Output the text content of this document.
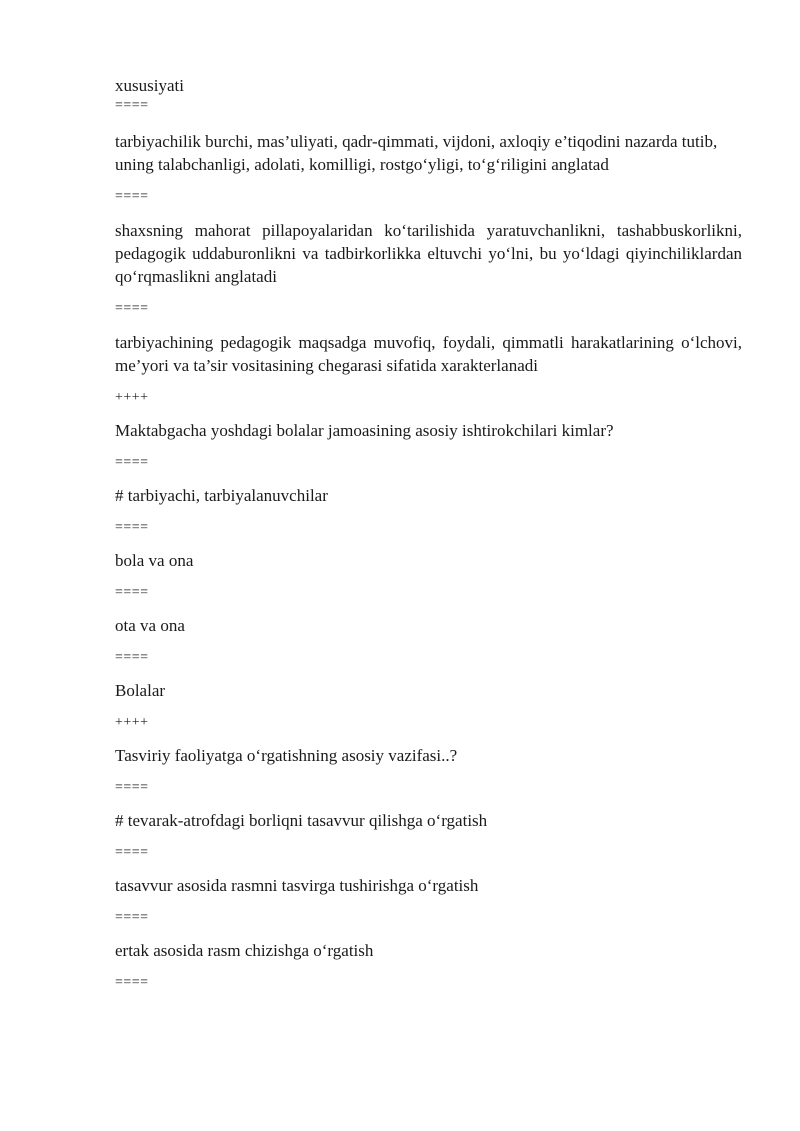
xususiyati
====
tarbiyachilik burchi, mas’uliyati, qadr-qimmati, vijdoni, axloqiy e’tiqodini nazarda tutib, uning talabchanligi, adolati, komilligi, rostgo‘yligi, to‘g‘riligini anglatad
====
shaxsning mahorat pillapoyalaridan ko‘tarilishida yaratuvchanlikni, tashabbuskorlikni, pedagogik uddaburonlikni va tadbirkorlikka eltuvchi yo‘lni, bu yo‘ldagi qiyinchiliklardan qo‘rqmaslikni anglatadi
====
tarbiyachining pedagogik maqsadga muvofiq, foydali, qimmatli harakatlarining o‘lchovi, me’yori va ta’sir vositasining chegarasi sifatida xarakterlanadi
++++
Maktabgacha yoshdagi bolalar jamoasining asosiy ishtirokchilari kimlar?
====
# tarbiyachi, tarbiyalanuvchilar
====
bola va ona
====
ota va ona
====
Bolalar
++++
Tasviriy faoliyatga o‘rgatishning asosiy vazifasi..?
====
# tevarak-atrofdagi borliqni tasavvur qilishga o‘rgatish
====
tasavvur asosida rasmni tasvirga tushirishga o‘rgatish
====
ertak asosida rasm chizishga o‘rgatish
====
